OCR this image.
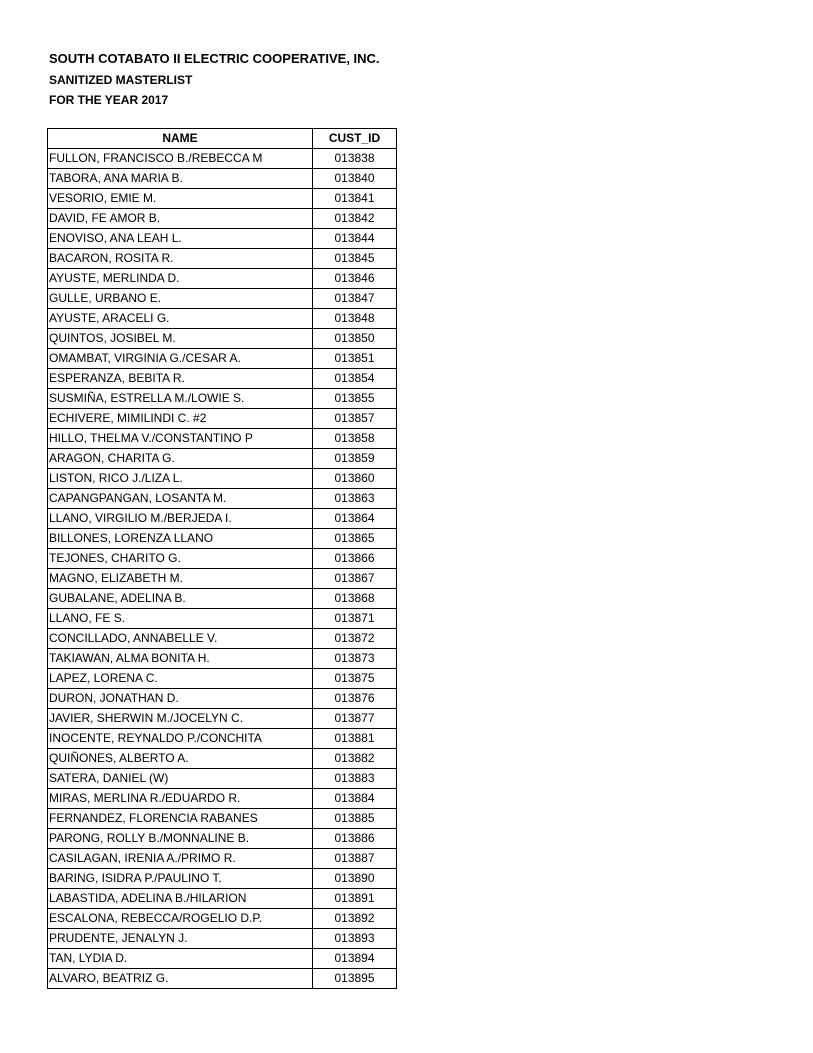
SOUTH COTABATO II ELECTRIC COOPERATIVE, INC.
SANITIZED MASTERLIST
FOR THE YEAR 2017
NAME	CUST_ID
FULLON, FRANCISCO B./REBECCA M	013838
TABORA, ANA MARIA B.	013840
VESORIO, EMIE M.	013841
DAVID, FE AMOR B.	013842
ENOVISO, ANA LEAH L.	013844
BACARON, ROSITA R.	013845
AYUSTE, MERLINDA D.	013846
GULLE, URBANO E.	013847
AYUSTE, ARACELI G.	013848
QUINTOS, JOSIBEL M.	013850
OMAMBAT, VIRGINIA G./CESAR A.	013851
ESPERANZA, BEBITA R.	013854
SUSMIÑA, ESTRELLA M./LOWIE S.	013855
ECHIVERE, MIMILINDI C. #2	013857
HILLO, THELMA V./CONSTANTINO P	013858
ARAGON, CHARITA G.	013859
LISTON, RICO J./LIZA L.	013860
CAPANGPANGAN, LOSANTA M.	013863
LLANO, VIRGILIO M./BERJEDA I.	013864
BILLONES, LORENZA LLANO	013865
TEJONES, CHARITO G.	013866
MAGNO, ELIZABETH M.	013867
GUBALANE, ADELINA B.	013868
LLANO, FE S.	013871
CONCILLADO, ANNABELLE V.	013872
TAKIAWAN, ALMA BONITA H.	013873
LAPEZ, LORENA C.	013875
DURON, JONATHAN D.	013876
JAVIER, SHERWIN M./JOCELYN C.	013877
INOCENTE, REYNALDO P./CONCHITA	013881
QUIÑONES, ALBERTO A.	013882
SATERA, DANIEL (W)	013883
MIRAS, MERLINA R./EDUARDO R.	013884
FERNANDEZ, FLORENCIA RABANES	013885
PARONG, ROLLY B./MONNALINE B.	013886
CASILAGAN, IRENIA A./PRIMO R.	013887
BARING, ISIDRA P./PAULINO T.	013890
LABASTIDA, ADELINA B./HILARION	013891
ESCALONA, REBECCA/ROGELIO D.P.	013892
PRUDENTE, JENALYN J.	013893
TAN, LYDIA D.	013894
ALVARO, BEATRIZ G.	013895
